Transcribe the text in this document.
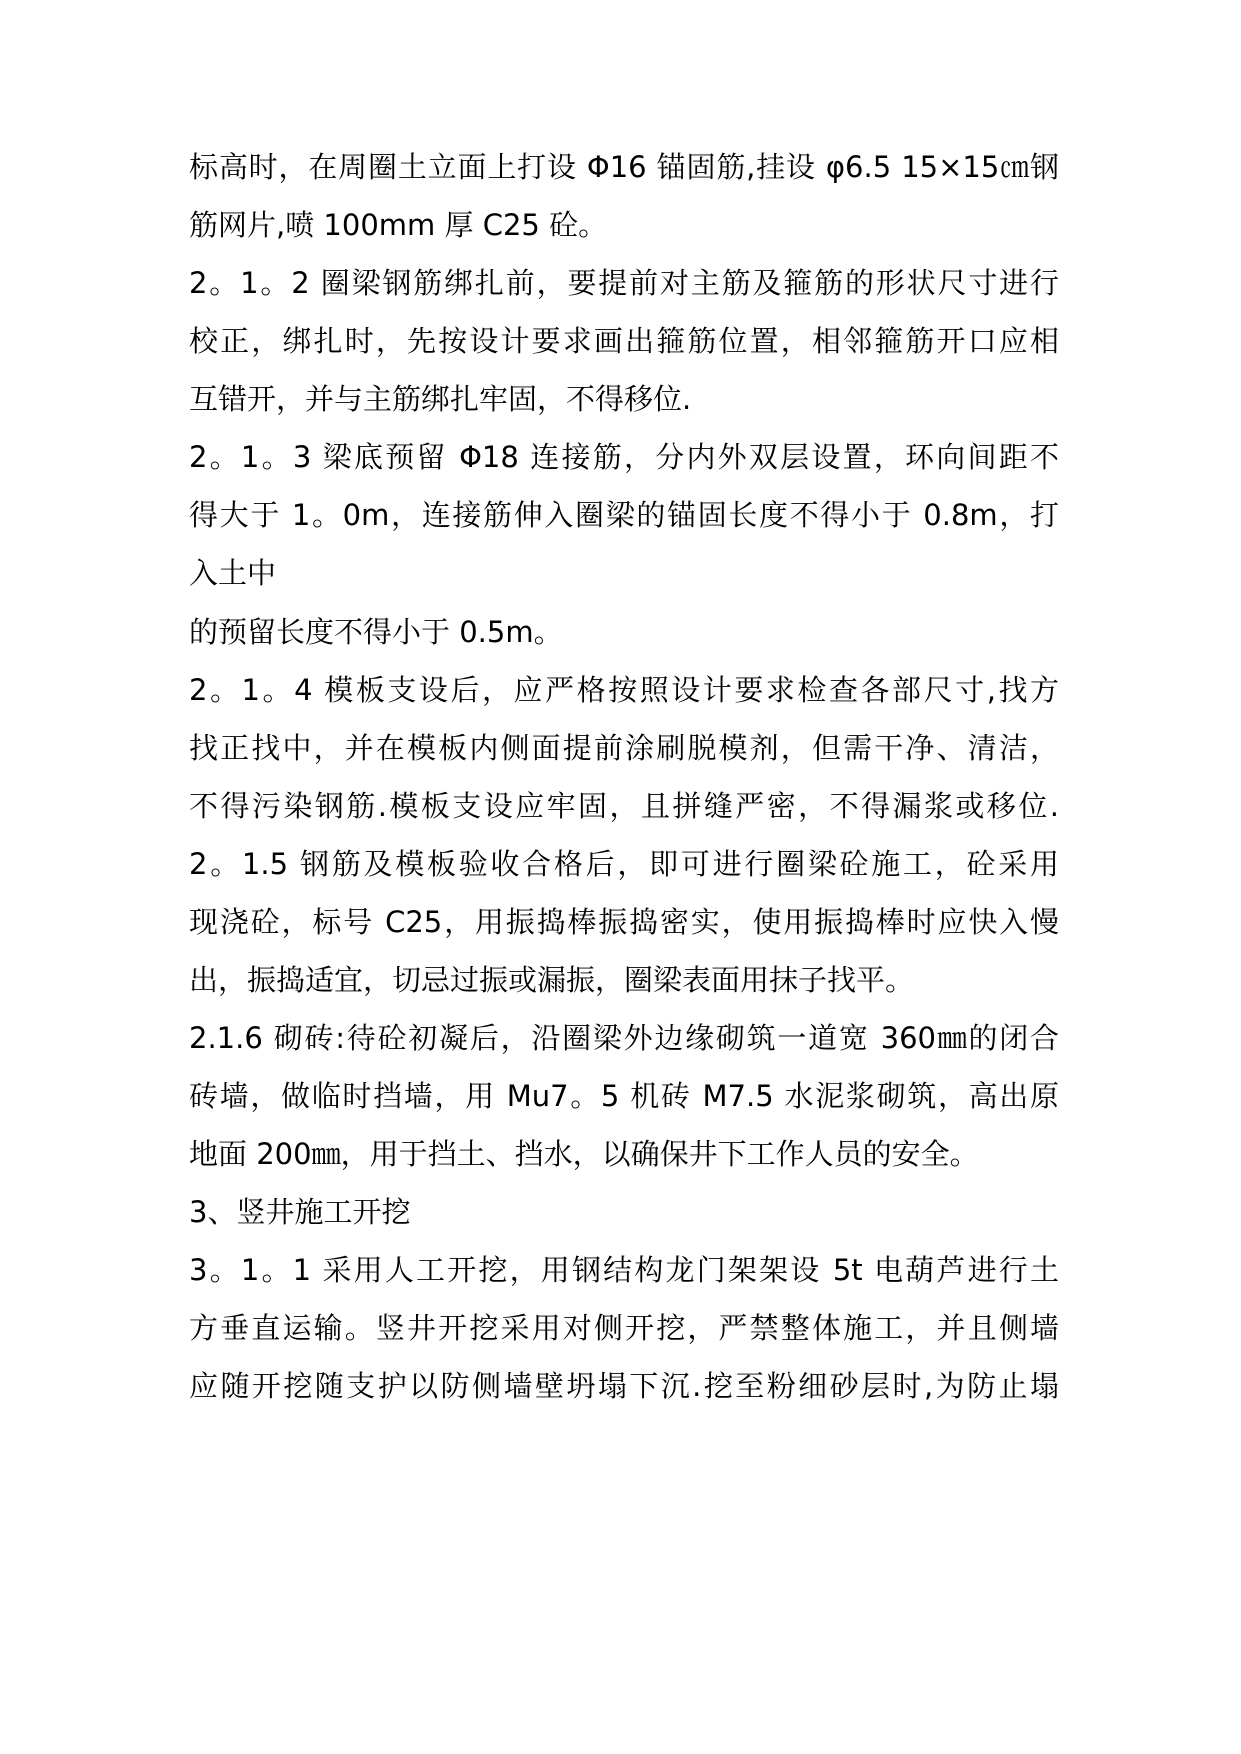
标高时，在周圈土立面上打设 Φ16 锚固筋,挂设 φ6.5 15×15㎝钢
筋网片,喷 100mm 厚 C25 砼。
2。1。2 圈梁钢筋绑扎前，要提前对主筋及箍筋的形状尺寸进行
校正，绑扎时，先按设计要求画出箍筋位置，相邻箍筋开口应相
互错开，并与主筋绑扎牢固，不得移位.
2。1。3 梁底预留 Φ18 连接筋，分内外双层设置，环向间距不
得大于 1。0m，连接筋伸入圈梁的锚固长度不得小于 0.8m，打
入土中
的预留长度不得小于 0.5m。
2。1。4 模板支设后，应严格按照设计要求检查各部尺寸,找方
找正找中，并在模板内侧面提前涂刷脱模剂，但需干净、清洁，
不得污染钢筋.模板支设应牢固，且拼缝严密，不得漏浆或移位.
2。1.5 钢筋及模板验收合格后，即可进行圈梁砼施工，砼采用
现浇砼，标号 C25，用振捣棒振捣密实，使用振捣棒时应快入慢
出，振捣适宜，切忌过振或漏振，圈梁表面用抹子找平。
2.1.6 砌砖:待砼初凝后，沿圈梁外边缘砌筑一道宽 360㎜的闭合
砖墙，做临时挡墙，用 Mu7。5 机砖 M7.5 水泥浆砌筑，高出原
地面 200㎜，用于挡土、挡水，以确保井下工作人员的安全。
3、竖井施工开挖
3。1。1 采用人工开挖，用钢结构龙门架架设 5t 电葫芦进行土
方垂直运输。竖井开挖采用对侧开挖，严禁整体施工，并且侧墙
应随开挖随支护以防侧墙壁坍塌下沉.挖至粉细砂层时,为防止塌
